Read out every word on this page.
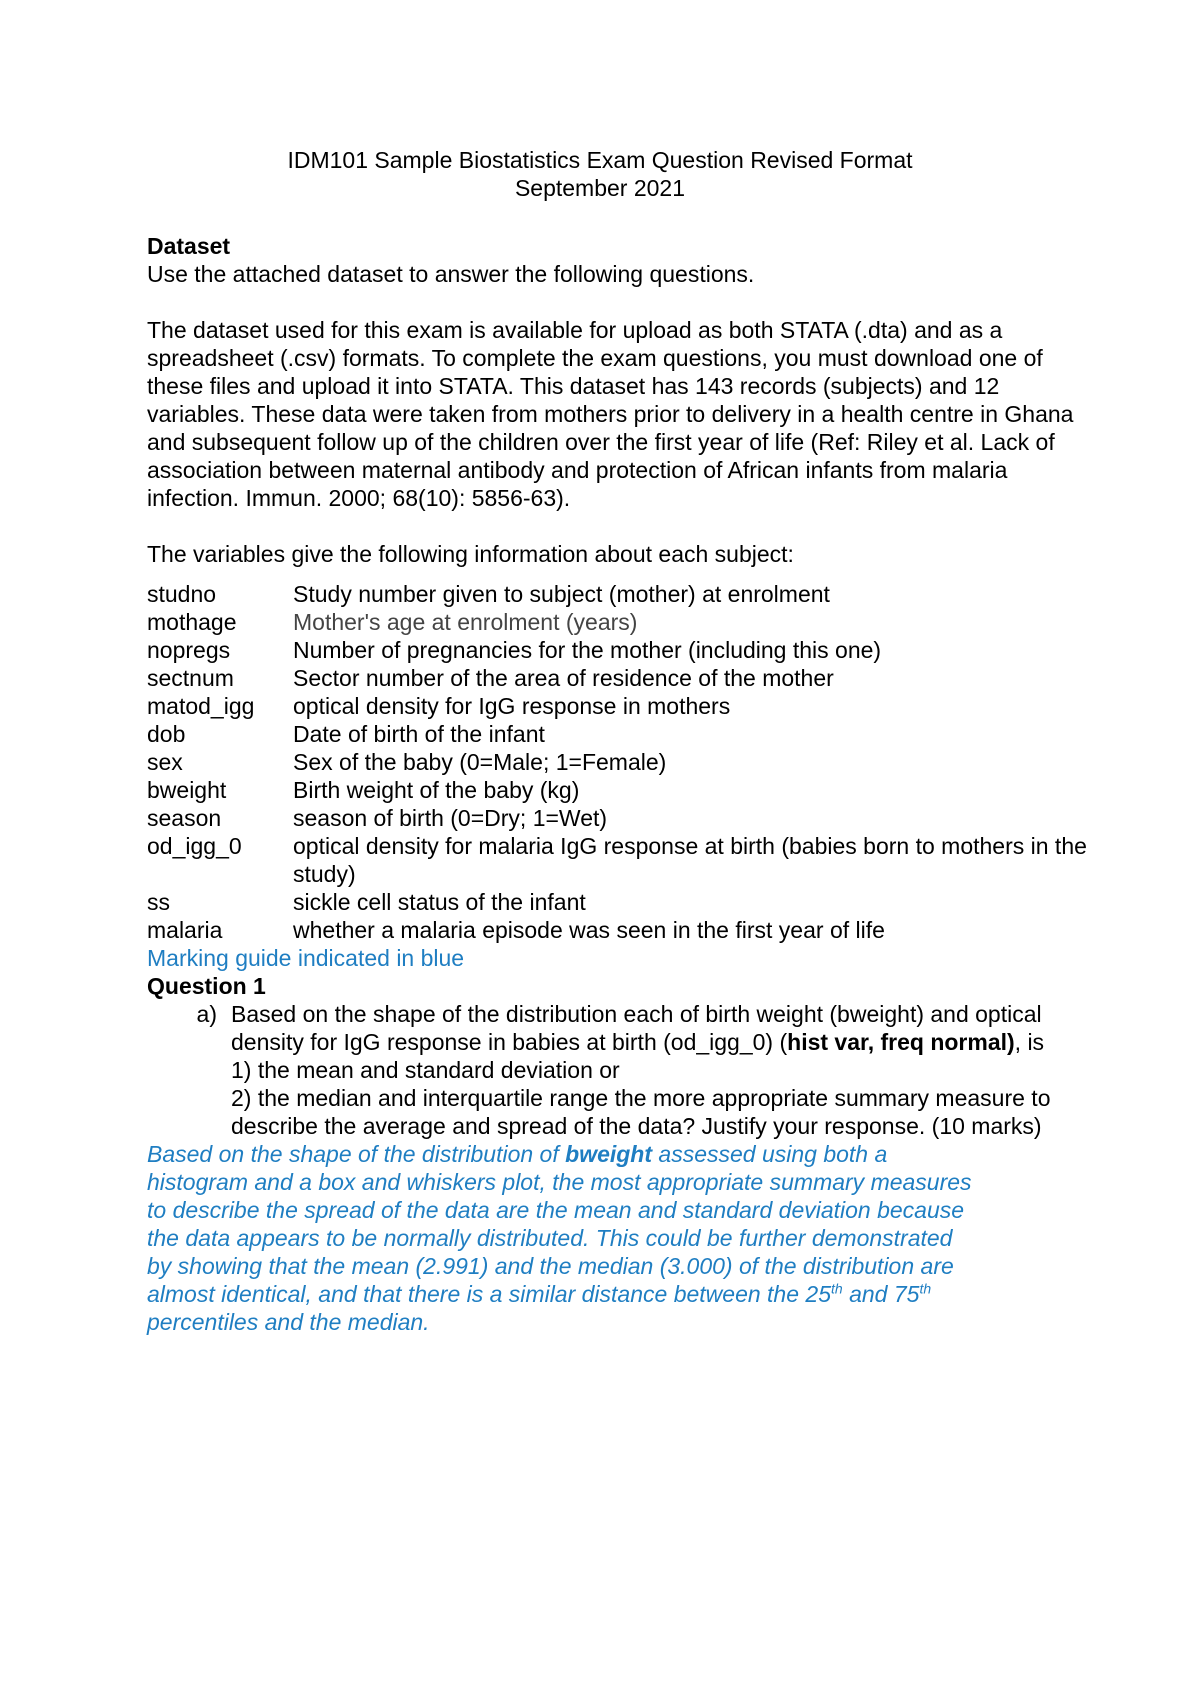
IDM101 Sample Biostatistics Exam Question Revised Format
September 2021

Dataset

Use the attached dataset to answer the following questions.

The dataset used for this exam is available for upload as both STATA (.dta) and as a spreadsheet (.csv) formats. To complete the exam questions, you must download one of these files and upload it into STATA. This dataset has 143 records (subjects) and 12 variables. These data were taken from mothers prior to delivery in a health centre in Ghana and subsequent follow up of the children over the first year of life (Ref: Riley et al. Lack of association between maternal antibody and protection of African infants from malaria infection. Immun. 2000; 68(10): 5856-63).

The variables give the following information about each subject:

studno	Study number given to subject (mother) at enrolment
mothage	Mother's age at enrolment (years)
nopregs	Number of pregnancies for the mother (including this one)
sectnum	Sector number of the area of residence of the mother
matod_igg	optical density for IgG response in mothers
dob	Date of birth of the infant
sex	Sex of the baby (0=Male; 1=Female)
bweight	Birth weight of the baby (kg)
season	season of birth (0=Dry; 1=Wet)
od_igg_0	optical density for malaria IgG response at birth (babies born to mothers in the study)
ss	sickle cell status of the infant
malaria	whether a malaria episode was seen in the first year of life

Marking guide indicated in blue

Question 1

a) Based on the shape of the distribution each of birth weight (bweight) and optical density for IgG response in babies at birth (od_igg_0) (hist var, freq normal), is

1) the mean and standard deviation or

2) the median and interquartile range the more appropriate summary measure to describe the average and spread of the data? Justify your response. (10 marks)

Based on the shape of the distribution of bweight assessed using both a histogram and a box and whiskers plot, the most appropriate summary measures to describe the spread of the data are the mean and standard deviation because the data appears to be normally distributed. This could be further demonstrated by showing that the mean (2.991) and the median (3.000) of the distribution are almost identical, and that there is a similar distance between the 25th and 75th percentiles and the median.
